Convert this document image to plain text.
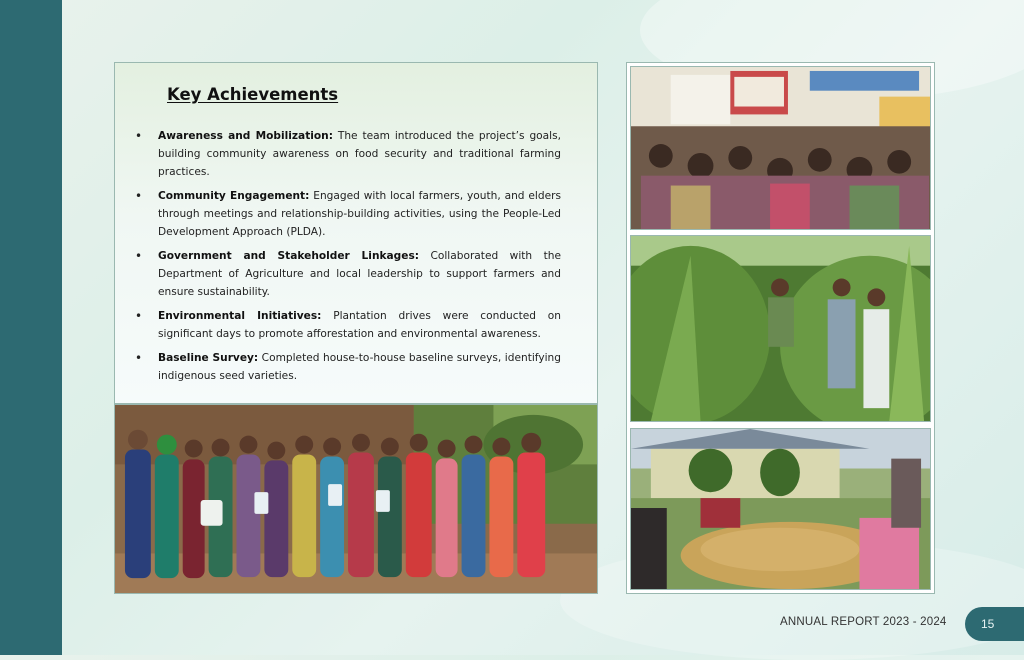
Key Achievements
• Awareness and Mobilization: The team introduced the project’s goals, building community awareness on food security and traditional farming practices.
• Community Engagement: Engaged with local farmers, youth, and elders through meetings and relationship-building activities, using the People-Led Development Approach (PLDA).
• Government and Stakeholder Linkages: Collaborated with the Department of Agriculture and local leadership to support farmers and ensure sustainability.
• Environmental Initiatives: Plantation drives were conducted on significant days to promote afforestation and environmental awareness.
• Baseline Survey: Completed house-to-house baseline surveys, identifying indigenous seed varieties.
ANNUAL REPORT 2023 - 2024	15
